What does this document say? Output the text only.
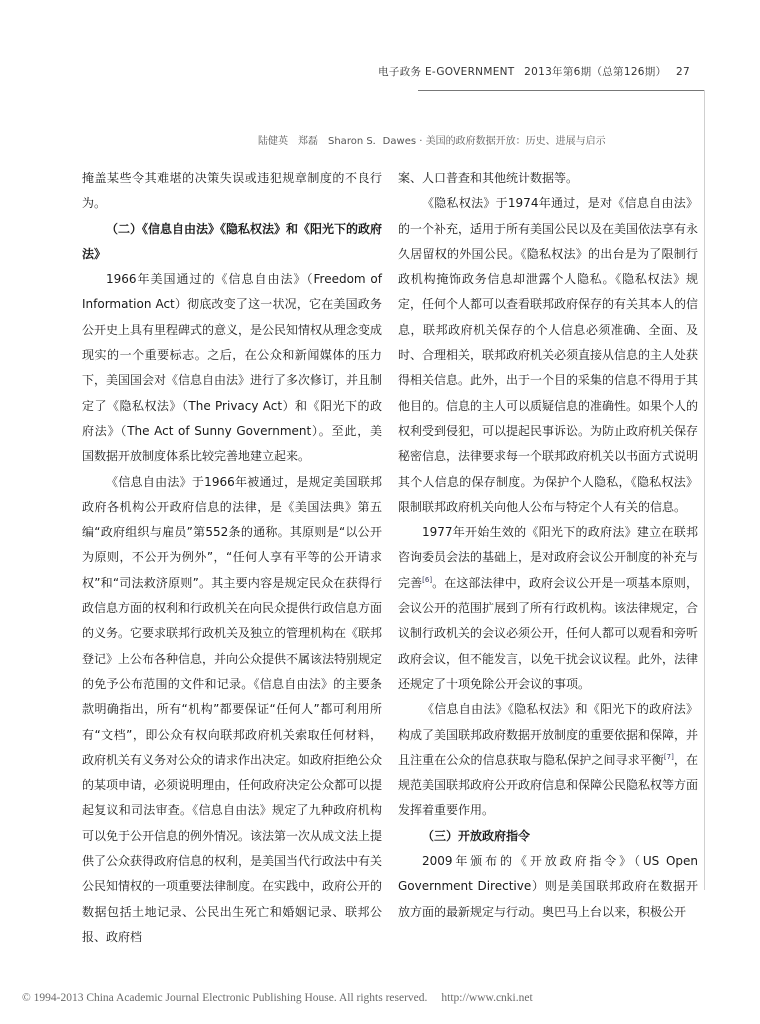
电子政务 E-GOVERNMENT 2013年第6期（总第126期） 27
陆健英　郑磊　Sharon S．Dawes · 美国的政府数据开放：历史、进展与启示

掩盖某些令其难堪的决策失误或违犯规章制度的不良行为。

（二）《信息自由法》《隐私权法》和《阳光下的政府法》

1966年美国通过的《信息自由法》（Freedom of Information Act）彻底改变了这一状况，它在美国政务公开史上具有里程碑式的意义，是公民知情权从理念变成现实的一个重要标志。之后，在公众和新闻媒体的压力下，美国国会对《信息自由法》进行了多次修订，并且制定了《隐私权法》（The Privacy Act）和《阳光下的政府法》（The Act of Sunny Government）。至此，美国数据开放制度体系比较完善地建立起来。

《信息自由法》于1966年被通过，是规定美国联邦政府各机构公开政府信息的法律，是《美国法典》第五编“政府组织与雇员”第552条的通称。其原则是“以公开为原则，不公开为例外”，“任何人享有平等的公开请求权”和“司法救济原则”。其主要内容是规定民众在获得行政信息方面的权利和行政机关在向民众提供行政信息方面的义务。它要求联邦行政机关及独立的管理机构在《联邦登记》上公布各种信息，并向公众提供不属该法特别规定的免予公布范围的文件和记录。《信息自由法》的主要条款明确指出，所有“机构”都要保证“任何人”都可利用所有“文档”，即公众有权向联邦政府机关索取任何材料，政府机关有义务对公众的请求作出决定。如政府拒绝公众的某项申请，必须说明理由，任何政府决定公众都可以提起复议和司法审查。《信息自由法》规定了九种政府机构可以免于公开信息的例外情况。该法第一次从成文法上提供了公众获得政府信息的权利，是美国当代行政法中有关公民知情权的一项重要法律制度。在实践中，政府公开的数据包括土地记录、公民出生死亡和婚姻记录、联邦公报、政府档

案、人口普查和其他统计数据等。

《隐私权法》于1974年通过，是对《信息自由法》的一个补充，适用于所有美国公民以及在美国依法享有永久居留权的外国公民。《隐私权法》的出台是为了限制行政机构掩饰政务信息却泄露个人隐私。《隐私权法》规定，任何个人都可以查看联邦政府保存的有关其本人的信息，联邦政府机关保存的个人信息必须准确、全面、及时、合理相关，联邦政府机关必须直接从信息的主人处获得相关信息。此外，出于一个目的采集的信息不得用于其他目的。信息的主人可以质疑信息的准确性。如果个人的权利受到侵犯，可以提起民事诉讼。为防止政府机关保存秘密信息，法律要求每一个联邦政府机关以书面方式说明其个人信息的保存制度。为保护个人隐私，《隐私权法》限制联邦政府机关向他人公布与特定个人有关的信息。

1977年开始生效的《阳光下的政府法》建立在联邦咨询委员会法的基础上，是对政府会议公开制度的补充与完善[6]。在这部法律中，政府会议公开是一项基本原则，会议公开的范围扩展到了所有行政机构。该法律规定，合议制行政机关的会议必须公开，任何人都可以观看和旁听政府会议，但不能发言，以免干扰会议议程。此外，法律还规定了十项免除公开会议的事项。

《信息自由法》《隐私权法》和《阳光下的政府法》构成了美国联邦政府数据开放制度的重要依据和保障，并且注重在公众的信息获取与隐私保护之间寻求平衡[7]，在规范美国联邦政府公开政府信息和保障公民隐私权等方面发挥着重要作用。

（三）开放政府指令

2009年颁布的《开放政府指令》（US Open Government Directive）则是美国联邦政府在数据开放方面的最新规定与行动。奥巴马上台以来，积极公开

© 1994-2013 China Academic Journal Electronic Publishing House. All rights reserved. http://www.cnki.net
